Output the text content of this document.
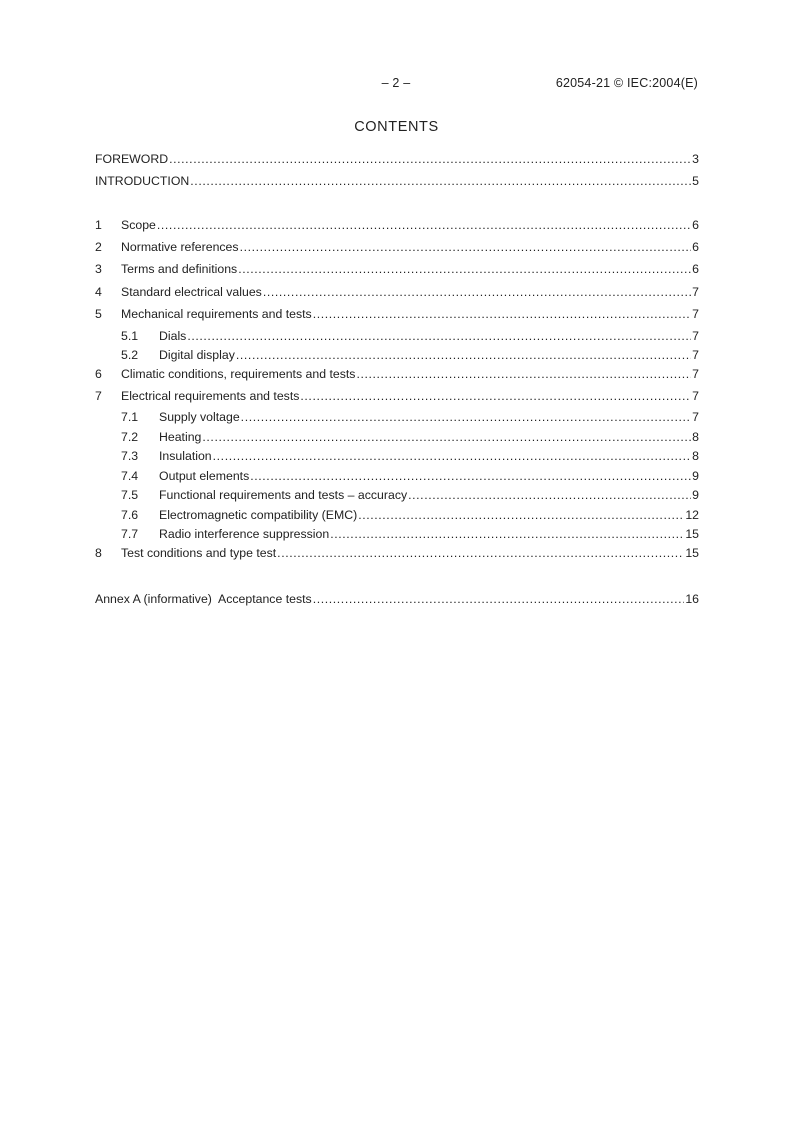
– 2 –	62054-21 © IEC:2004(E)
CONTENTS
FOREWORD .....	3
INTRODUCTION .....	5
1	Scope .....	6
2	Normative references .....	6
3	Terms and definitions .....	6
4	Standard electrical values .....	7
5	Mechanical requirements and tests .....	7
5.1	Dials .....	7
5.2	Digital display .....	7
6	Climatic conditions, requirements and tests .....	7
7	Electrical requirements and tests .....	7
7.1	Supply voltage .....	7
7.2	Heating .....	8
7.3	Insulation .....	8
7.4	Output elements .....	9
7.5	Functional requirements and tests – accuracy .....	9
7.6	Electromagnetic compatibility (EMC) .....	12
7.7	Radio interference suppression .....	15
8	Test conditions and type test .....	15
Annex A (informative)  Acceptance tests .....	16
